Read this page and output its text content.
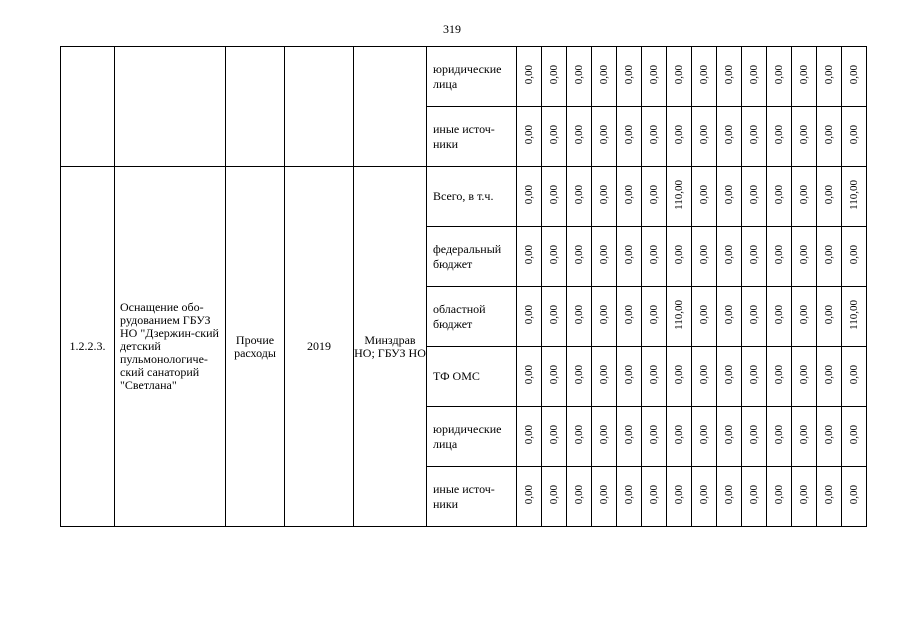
319
					юридические лица	0,00	0,00	0,00	0,00	0,00	0,00	0,00	0,00	0,00	0,00	0,00	0,00	0,00	0,00
					иные источ-ники	0,00	0,00	0,00	0,00	0,00	0,00	0,00	0,00	0,00	0,00	0,00	0,00	0,00	0,00
1.2.2.3.	Оснащение обо-рудованием ГБУЗ НО "Дзержин-ский детский пульмонологиче-ский санаторий "Светлана"	Прочие расходы	2019	Минздрав НО; ГБУЗ НО	Всего, в т.ч.	0,00	0,00	0,00	0,00	0,00	0,00	110,00	0,00	0,00	0,00	0,00	0,00	0,00	110,00
					федеральный бюджет	0,00	0,00	0,00	0,00	0,00	0,00	0,00	0,00	0,00	0,00	0,00	0,00	0,00	0,00
					областной бюджет	0,00	0,00	0,00	0,00	0,00	0,00	110,00	0,00	0,00	0,00	0,00	0,00	0,00	110,00
					ТФ ОМС	0,00	0,00	0,00	0,00	0,00	0,00	0,00	0,00	0,00	0,00	0,00	0,00	0,00	0,00
					юридические лица	0,00	0,00	0,00	0,00	0,00	0,00	0,00	0,00	0,00	0,00	0,00	0,00	0,00	0,00
					иные источ-ники	0,00	0,00	0,00	0,00	0,00	0,00	0,00	0,00	0,00	0,00	0,00	0,00	0,00	0,00
